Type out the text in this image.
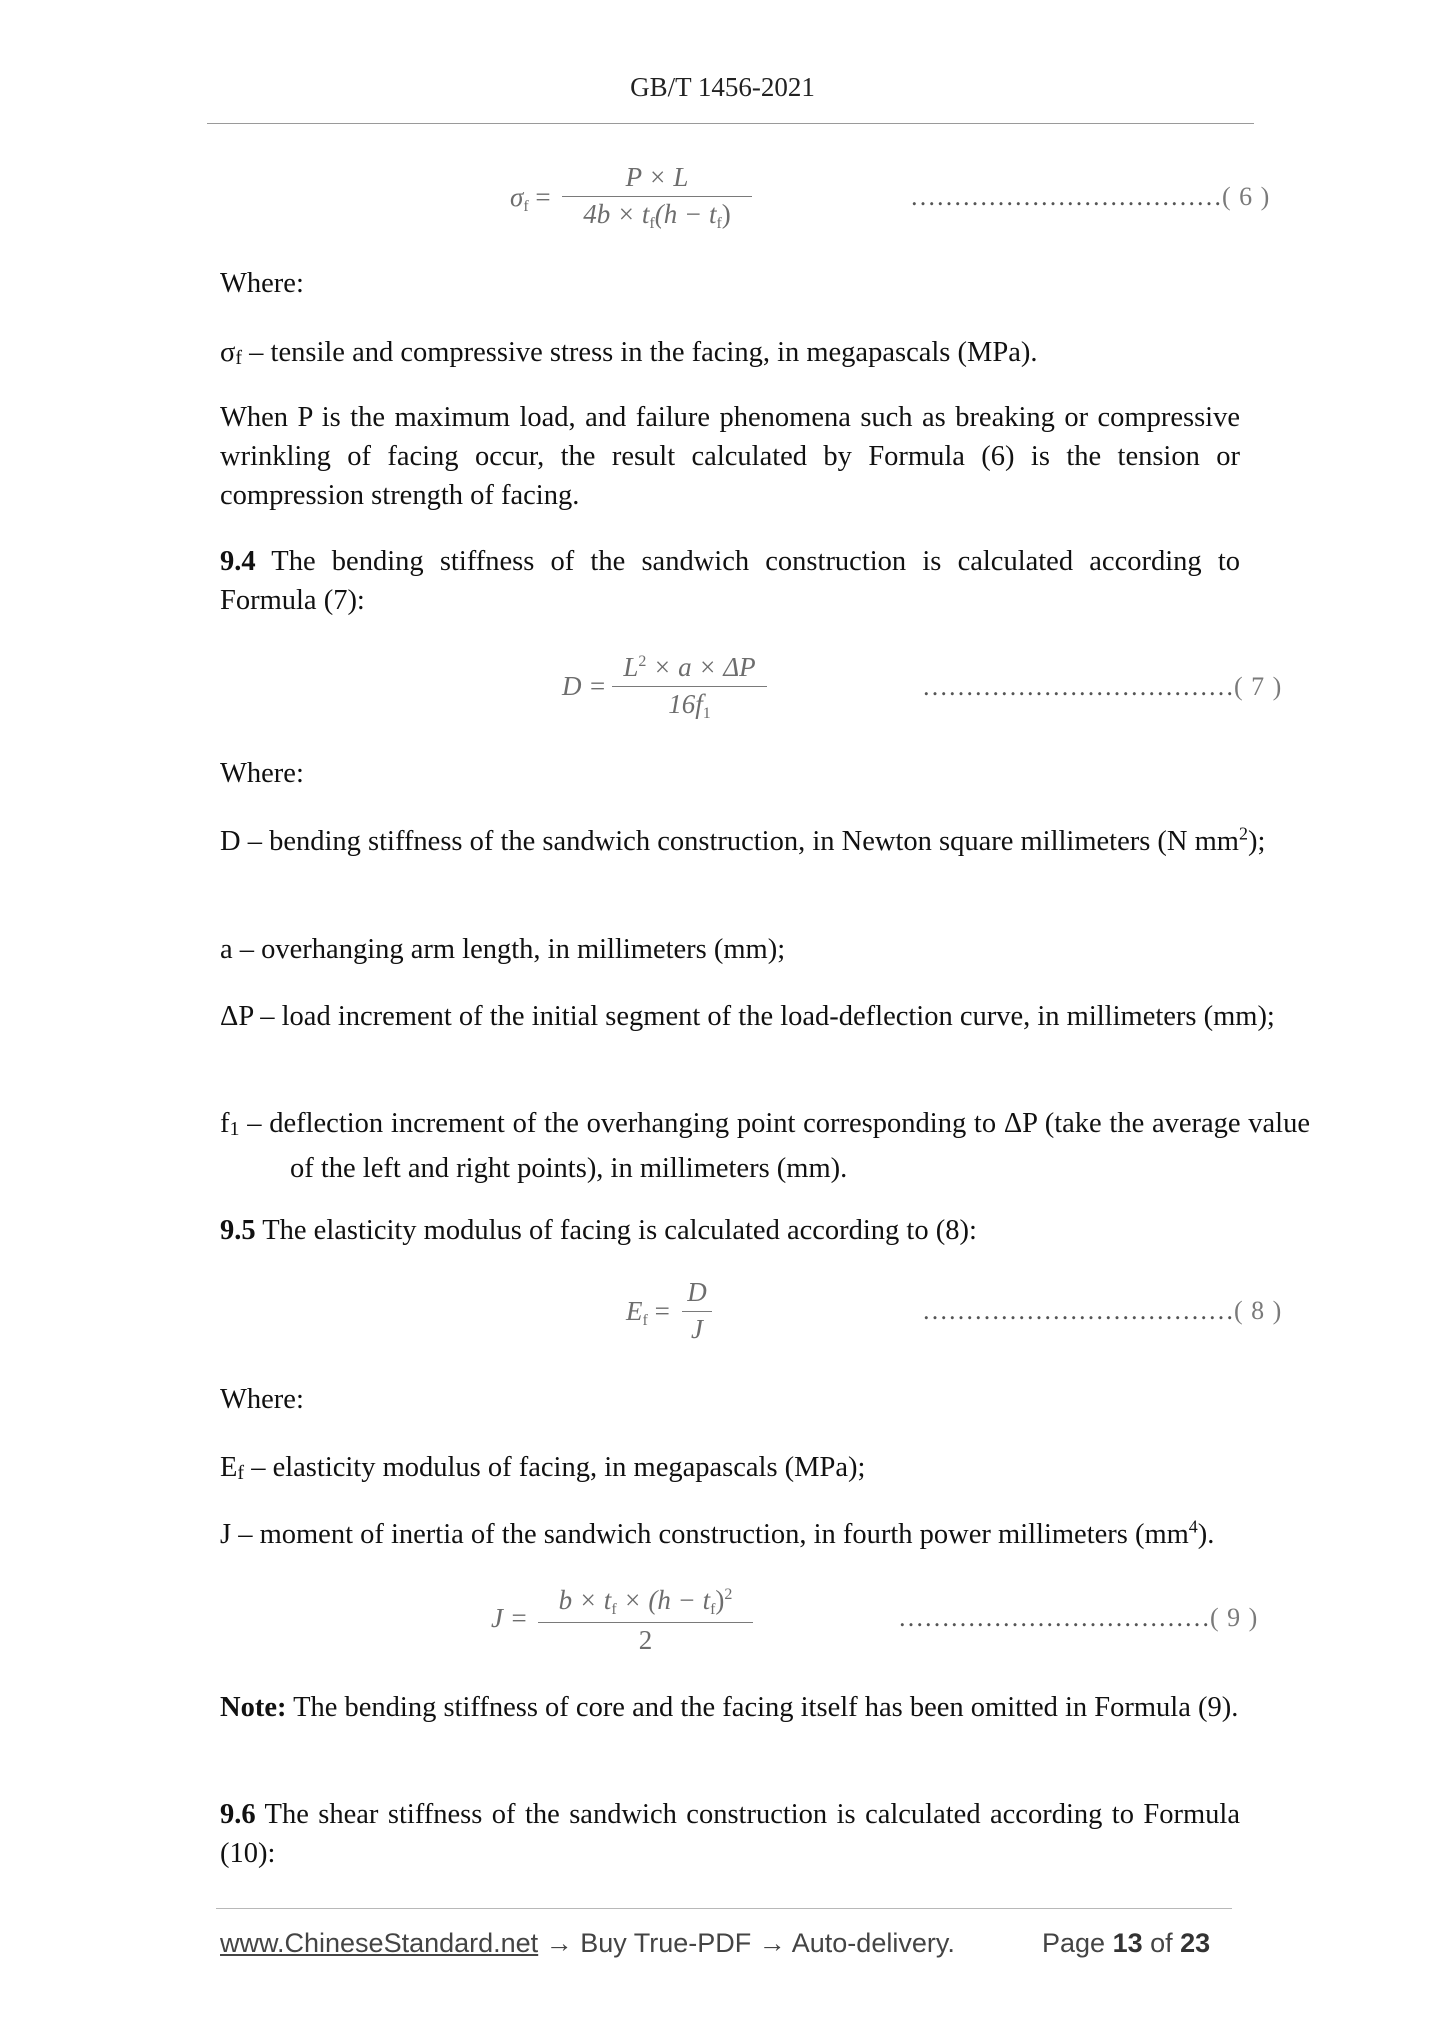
GB/T 1456-2021
σf =
P × L
4b × tf(h − tf)
………………………………( 6 )
Where:
σf – tensile and compressive stress in the facing, in megapascals (MPa).
When P is the maximum load, and failure phenomena such as breaking or compressive wrinkling of facing occur, the result calculated by Formula (6) is the tension or compression strength of facing.
9.4 The bending stiffness of the sandwich construction is calculated according to Formula (7):
D =
$L^2 \times a \times \Delta P$
16f1
………………………………( 7 )
Where:
D – bending stiffness of the sandwich construction, in Newton square millimeters (N $mm^2$);
a – overhanging arm length, in millimeters (mm);
ΔP – load increment of the initial segment of the load-deflection curve, in millimeters (mm);
f1 – deflection increment of the overhanging point corresponding to ΔP (take the average value of the left and right points), in millimeters (mm).
9.5 The elasticity modulus of facing is calculated according to (8):
Ef =
D
J
………………………………( 8 )
Where:
Ef – elasticity modulus of facing, in megapascals (MPa);
J – moment of inertia of the sandwich construction, in fourth power millimeters $(mm^4)$.
J =
b × tf × (h − tf)$^2$
2
………………………………( 9 )
Note: The bending stiffness of core and the facing itself has been omitted in Formula (9).
9.6 The shear stiffness of the sandwich construction is calculated according to Formula (10):
www.ChineseStandard.net → Buy True-PDF → Auto-delivery.	Page 13 of 23
